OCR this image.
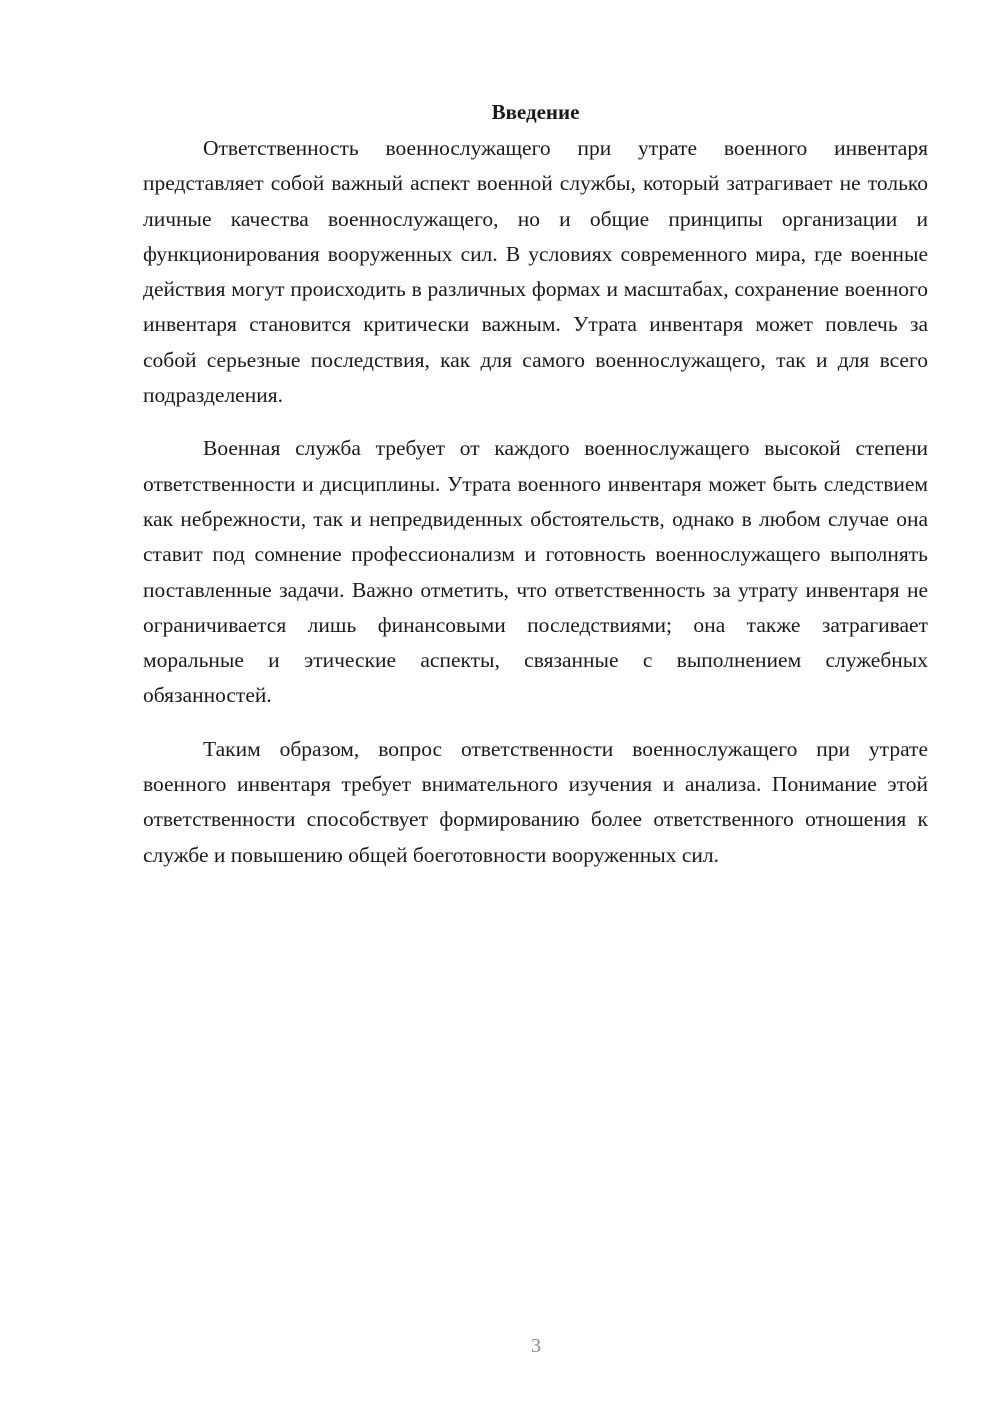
Введение

Ответственность военнослужащего при утрате военного инвентаря представляет собой важный аспект военной службы, который затрагивает не только личные качества военнослужащего, но и общие принципы организации и функционирования вооруженных сил. В условиях современного мира, где военные действия могут происходить в различных формах и масштабах, сохранение военного инвентаря становится критически важным. Утрата инвентаря может повлечь за собой серьезные последствия, как для самого военнослужащего, так и для всего подразделения.

Военная служба требует от каждого военнослужащего высокой степени ответственности и дисциплины. Утрата военного инвентаря может быть следствием как небрежности, так и непредвиденных обстоятельств, однако в любом случае она ставит под сомнение профессионализм и готовность военнослужащего выполнять поставленные задачи. Важно отметить, что ответственность за утрату инвентаря не ограничивается лишь финансовыми последствиями; она также затрагивает моральные и этические аспекты, связанные с выполнением служебных обязанностей.

Таким образом, вопрос ответственности военнослужащего при утрате военного инвентаря требует внимательного изучения и анализа. Понимание этой ответственности способствует формированию более ответственного отношения к службе и повышению общей боеготовности вооруженных сил.

3
